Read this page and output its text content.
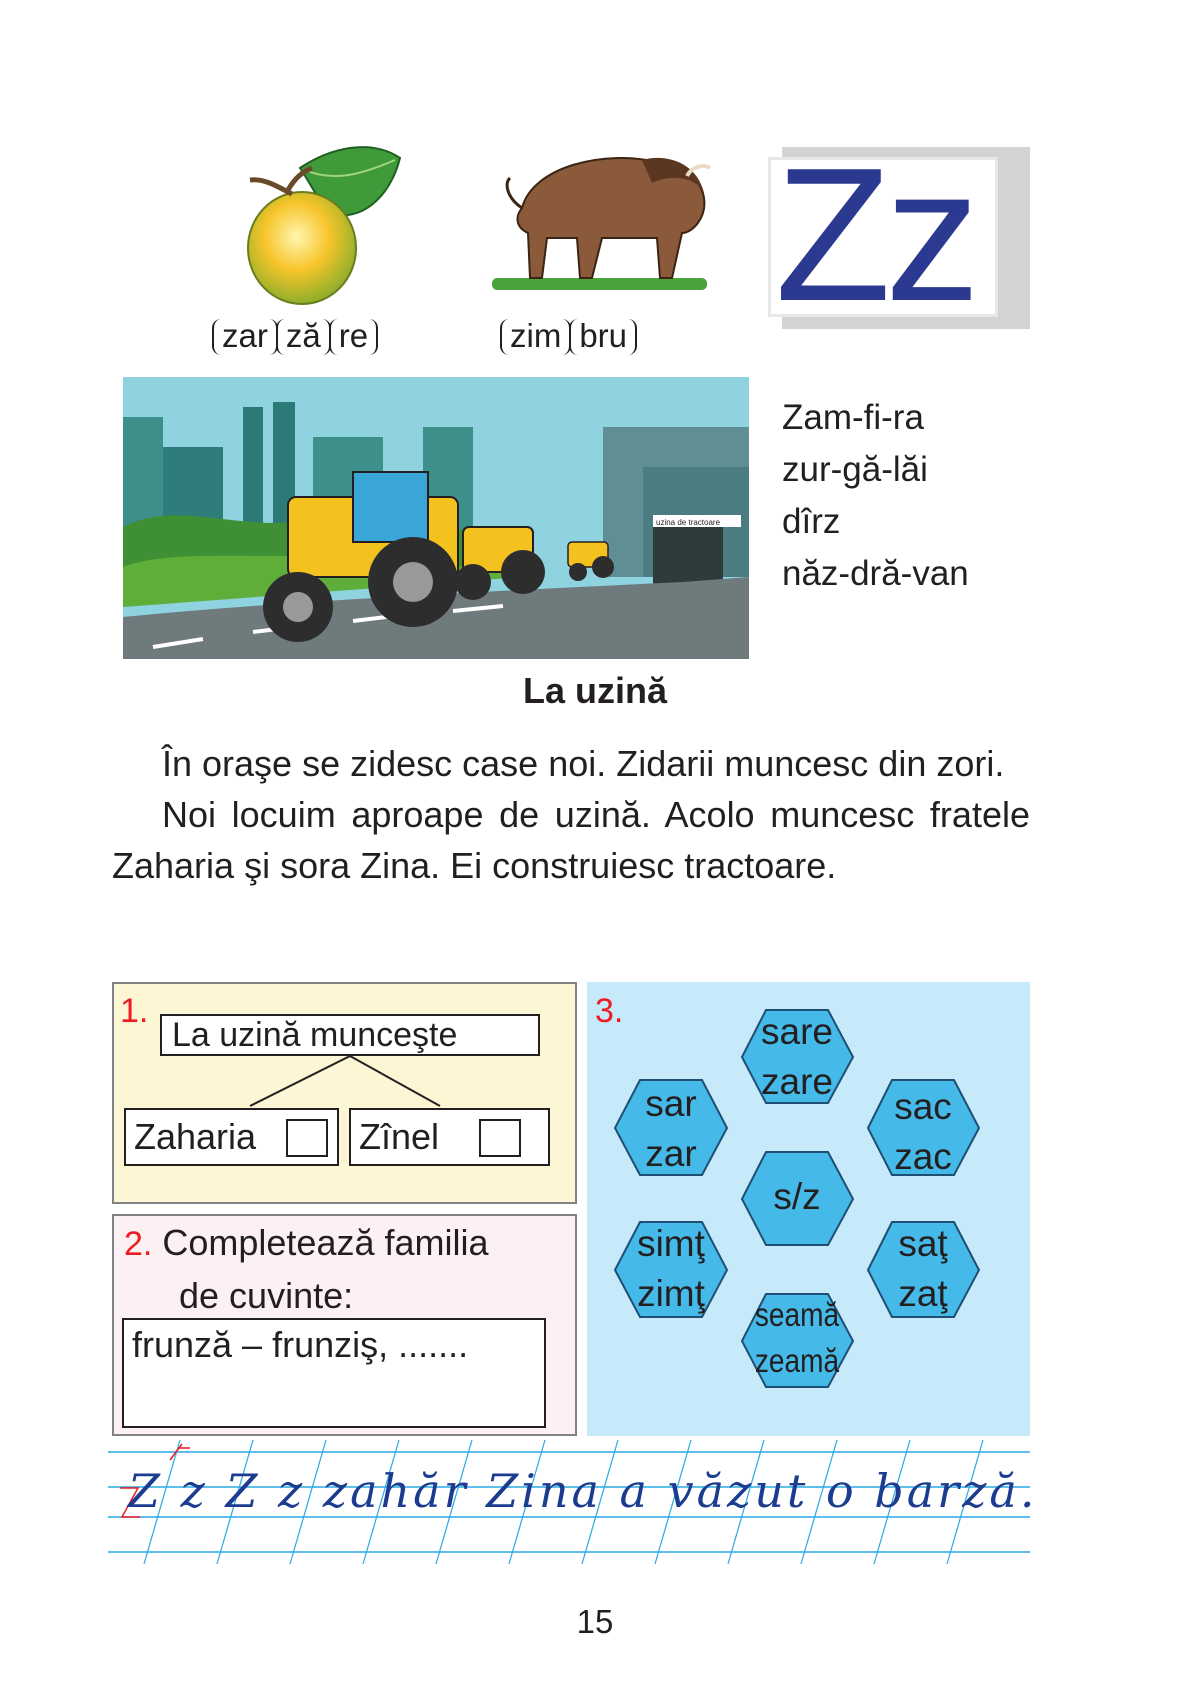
zar ză re	zim bru Zz
uzina de tractoare
Zam-fi-ra
zur-gă-lăi
dîrz
năz-dră-van
La uzină

În oraşe se zidesc case noi. Zidarii muncesc din zori.

Noi locuim aproape de uzină. Acolo muncesc fratele Zaharia şi sora Zina. Ei construiesc tractoare.

1.
La uzină munceşte
Zaharia	Zînel
2. Completează familia
de cuvinte:
frunză – frunziş, .......
3.	sare
zare
sar
zar
sac
zac
s/z
simţ
zimţ
saţ
zaţ
seamă
zeamă
Z z Z z zahăr Zina a văzut o barză.
15
